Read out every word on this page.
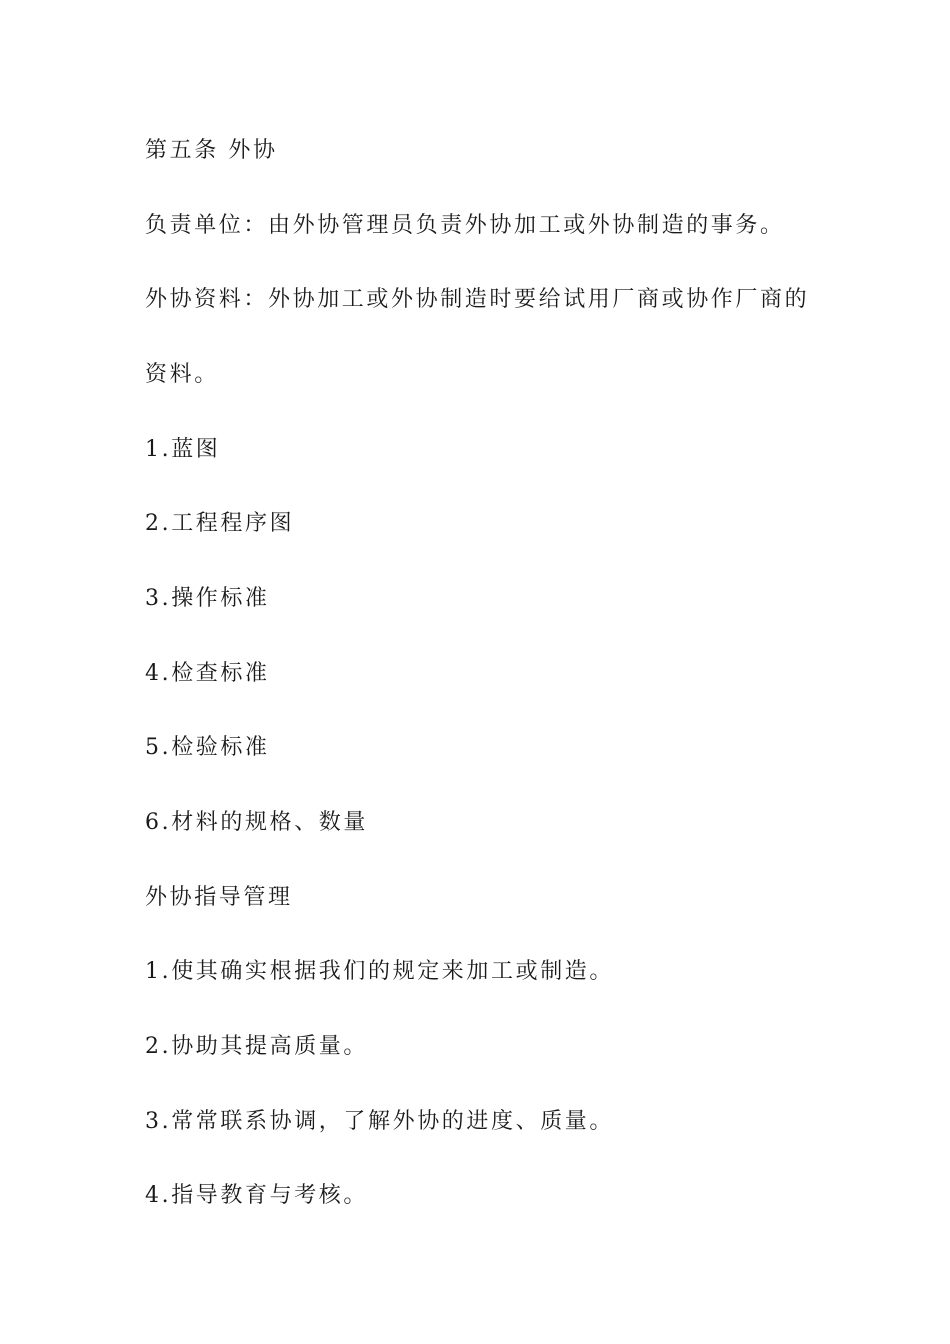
第五条 外协

负责单位：由外协管理员负责外协加工或外协制造的事务。

外协资料：外协加工或外协制造时要给试用厂商或协作厂商的

资料。

1.蓝图

2.工程程序图

3.操作标准

4.检查标准

5.检验标准

6.材料的规格、数量

外协指导管理

1.使其确实根据我们的规定来加工或制造。

2.协助其提高质量。

3.常常联系协调，了解外协的进度、质量。

4.指导教育与考核。
